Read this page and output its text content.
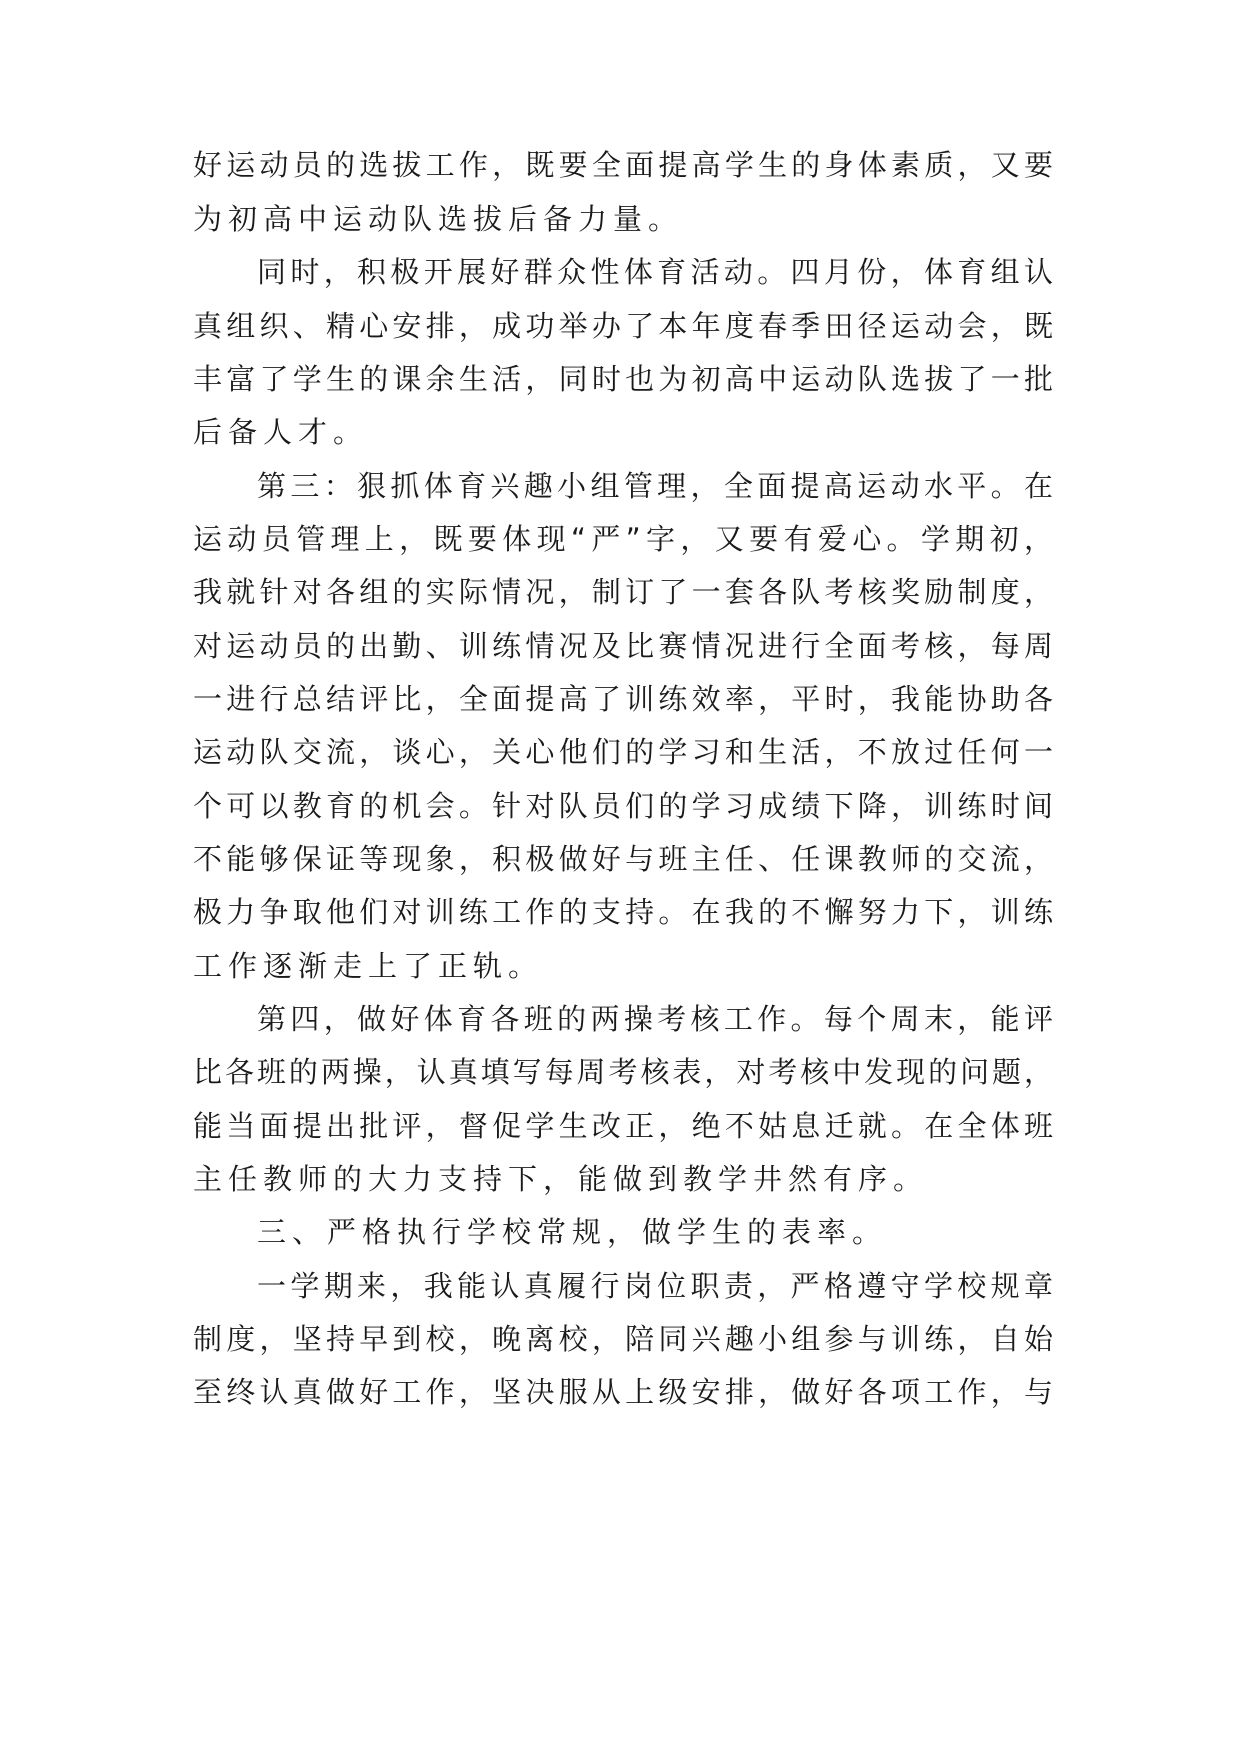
好运动员的选拔工作，既要全面提高学生的身体素质，又要

为初高中运动队选拔后备力量。

同时，积极开展好群众性体育活动。四月份，体育组认

真组织、精心安排，成功举办了本年度春季田径运动会，既

丰富了学生的课余生活，同时也为初高中运动队选拔了一批

后备人才。

第三：狠抓体育兴趣小组管理，全面提高运动水平。在

运动员管理上，既要体现“严”字，又要有爱心。学期初，

我就针对各组的实际情况，制订了一套各队考核奖励制度，

对运动员的出勤、训练情况及比赛情况进行全面考核，每周

一进行总结评比，全面提高了训练效率，平时，我能协助各

运动队交流，谈心，关心他们的学习和生活，不放过任何一

个可以教育的机会。针对队员们的学习成绩下降，训练时间

不能够保证等现象，积极做好与班主任、任课教师的交流，

极力争取他们对训练工作的支持。在我的不懈努力下，训练

工作逐渐走上了正轨。

第四，做好体育各班的两操考核工作。每个周末，能评

比各班的两操，认真填写每周考核表，对考核中发现的问题，

能当面提出批评，督促学生改正，绝不姑息迁就。在全体班

主任教师的大力支持下，能做到教学井然有序。

三、严格执行学校常规，做学生的表率。

一学期来，我能认真履行岗位职责，严格遵守学校规章

制度，坚持早到校，晚离校，陪同兴趣小组参与训练，自始

至终认真做好工作，坚决服从上级安排，做好各项工作，与
